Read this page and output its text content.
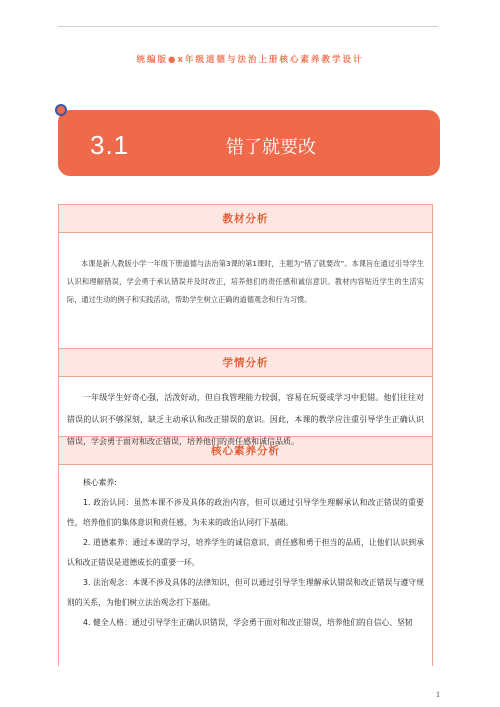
统编版●x年级道德与法治上册核心素养教学设计
3.1	错了就要改
教材分析

本课是新人教版小学一年级下册道德与法治第3课的第1课时，主题为“错了就要改”。本课旨在通过引导学生认识和理解错误，学会勇于承认错误并及时改正，培养他们的责任感和诚信意识。教材内容贴近学生的生活实际，通过生动的例子和实践活动，帮助学生树立正确的道德观念和行为习惯。

学情分析

一年级学生好奇心强，活泼好动，但自我管理能力较弱，容易在玩耍或学习中犯错。他们往往对错误的认识不够深刻，缺乏主动承认和改正错误的意识。因此，本课的教学应注重引导学生正确认识错误，学会勇于面对和改正错误，培养他们的责任感和诚信品质。

核心素养分析

核心素养:

1. 政治认同：虽然本课不涉及具体的政治内容，但可以通过引导学生理解承认和改正错误的重要性，培养他们的集体意识和责任感，为未来的政治认同打下基础。

2. 道德素养：通过本课的学习，培养学生的诚信意识、责任感和勇于担当的品质，让他们认识到承认和改正错误是道德成长的重要一环。

3. 法治观念：本课不涉及具体的法律知识，但可以通过引导学生理解承认错误和改正错误与遵守规则的关系，为他们树立法治观念打下基础。

4. 健全人格：通过引导学生正确认识错误，学会勇于面对和改正错误，培养他们的自信心、坚韧

1
